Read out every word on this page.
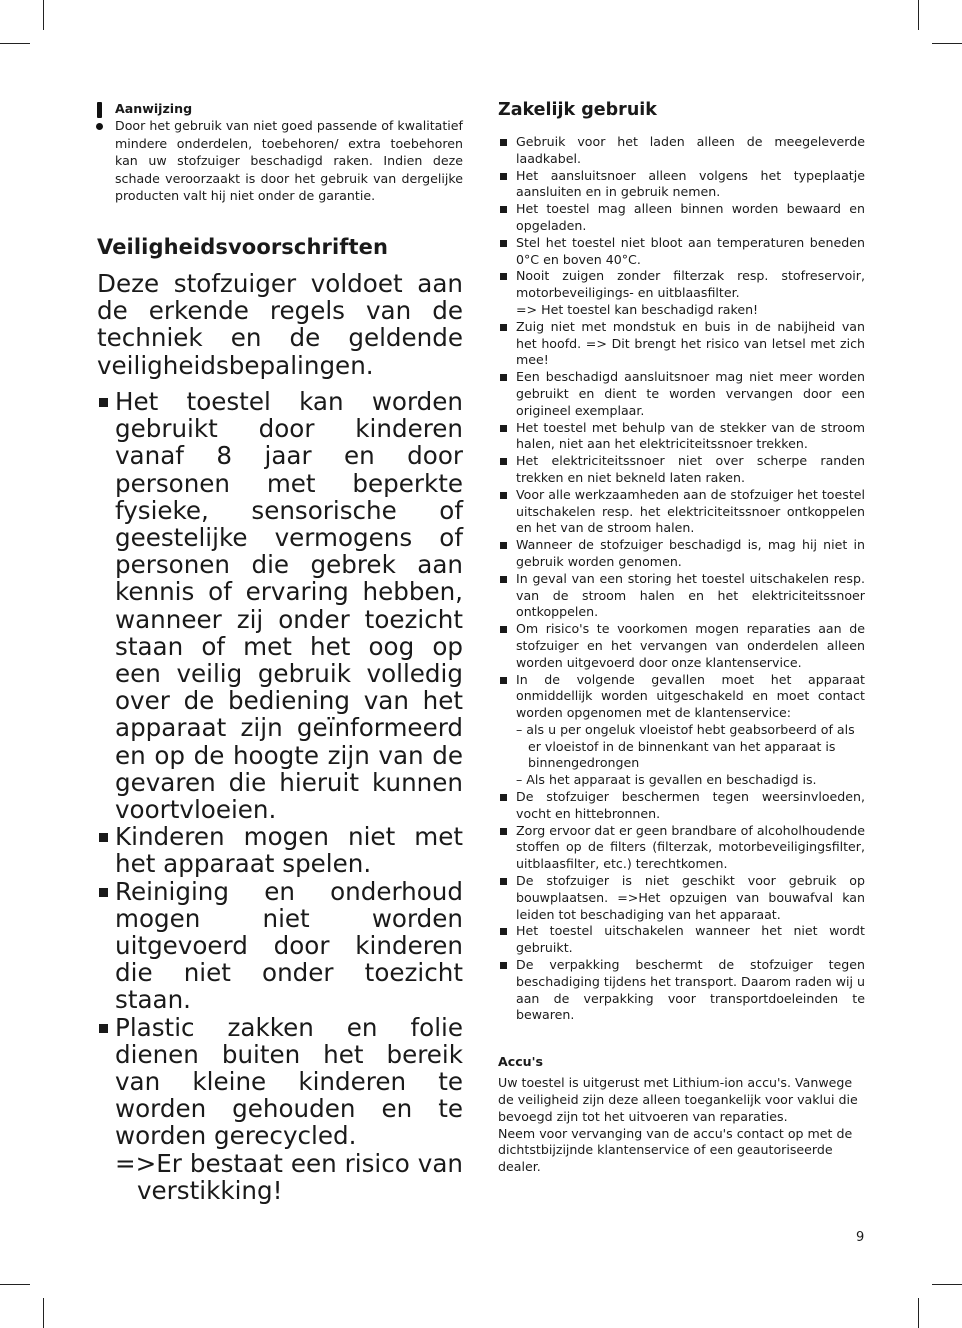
Aanwijzing
Door het gebruik van niet goed passende of kwalitatief mindere onderdelen, toebehoren/ extra toebehoren kan uw stofzuiger beschadigd raken. Indien deze schade veroorzaakt is door het gebruik van dergelijke producten valt hij niet onder de garantie.
Veiligheidsvoorschriften
Deze stofzuiger voldoet aan de erkende regels van de techniek en de geldende veiligheidsbepalingen.
Het toestel kan worden gebruikt door kinderen vanaf 8 jaar en door personen met beperkte fysieke, sensorische of geestelijke vermogens of personen die gebrek aan kennis of ervaring hebben, wanneer zij onder toezicht staan of met het oog op een veilig gebruik volledig over de bediening van het apparaat zijn geïnformeerd en op de hoogte zijn van de gevaren die hieruit kunnen voortvloeien.
Kinderen mogen niet met het apparaat spelen.
Reiniging en onderhoud mogen niet worden uitgevoerd door kinderen die niet onder toezicht staan.
Plastic zakken en folie dienen buiten het bereik van kleine kinderen te worden gehouden en te worden gerecycled.
=>Er bestaat een risico van verstikking!
Zakelijk gebruik
Gebruik voor het laden alleen de meegeleverde laadkabel.
Het aansluitsnoer alleen volgens het typeplaatje aansluiten en in gebruik nemen.
Het toestel mag alleen binnen worden bewaard en opgeladen.
Stel het toestel niet bloot aan temperaturen beneden 0°C en boven 40°C.
Nooit zuigen zonder filterzak resp. stofreservoir, motorbeveiligings- en uitblaasfilter.
=> Het toestel kan beschadigd raken!
Zuig niet met mondstuk en buis in de nabijheid van het hoofd. => Dit brengt het risico van letsel met zich mee!
Een beschadigd aansluitsnoer mag niet meer worden gebruikt en dient te worden vervangen door een origineel exemplaar.
Het toestel met behulp van de stekker van de stroom halen, niet aan het elektriciteitssnoer trekken.
Het elektriciteitssnoer niet over scherpe randen trekken en niet bekneld laten raken.
Voor alle werkzaamheden aan de stofzuiger het toestel uitschakelen resp. het elektriciteitssnoer ontkoppelen en het van de stroom halen.
Wanneer de stofzuiger beschadigd is, mag hij niet in gebruik worden genomen.
In geval van een storing het toestel uitschakelen resp. van de stroom halen en het elektriciteitssnoer ontkoppelen.
Om risico's te voorkomen mogen reparaties aan de stofzuiger en het vervangen van onderdelen alleen worden uitgevoerd door onze klantenservice.
In de volgende gevallen moet het apparaat onmiddellijk worden uitgeschakeld en moet contact worden opgenomen met de klantenservice:
– als u per ongeluk vloeistof hebt geabsorbeerd of als er vloeistof in de binnenkant van het apparaat is binnengedrongen
– Als het apparaat is gevallen en beschadigd is.
De stofzuiger beschermen tegen weersinvloeden, vocht en hittebronnen.
Zorg ervoor dat er geen brandbare of alcoholhoudende stoffen op de filters (filterzak, motorbeveiligingsfilter, uitblaasfilter, etc.) terechtkomen.
De stofzuiger is niet geschikt voor gebruik op bouwplaatsen. =>Het opzuigen van bouwafval kan leiden tot beschadiging van het apparaat.
Het toestel uitschakelen wanneer het niet wordt gebruikt.
De verpakking beschermt de stofzuiger tegen beschadiging tijdens het transport. Daarom raden wij u aan de verpakking voor transportdoeleinden te bewaren.
Accu's
Uw toestel is uitgerust met Lithium-ion accu's. Vanwege de veiligheid zijn deze alleen toegankelijk voor vaklui die bevoegd zijn tot het uitvoeren van reparaties.
Neem voor vervanging van de accu's contact op met de dichtstbijzijnde klantenservice of een geautoriseerde dealer.
9
